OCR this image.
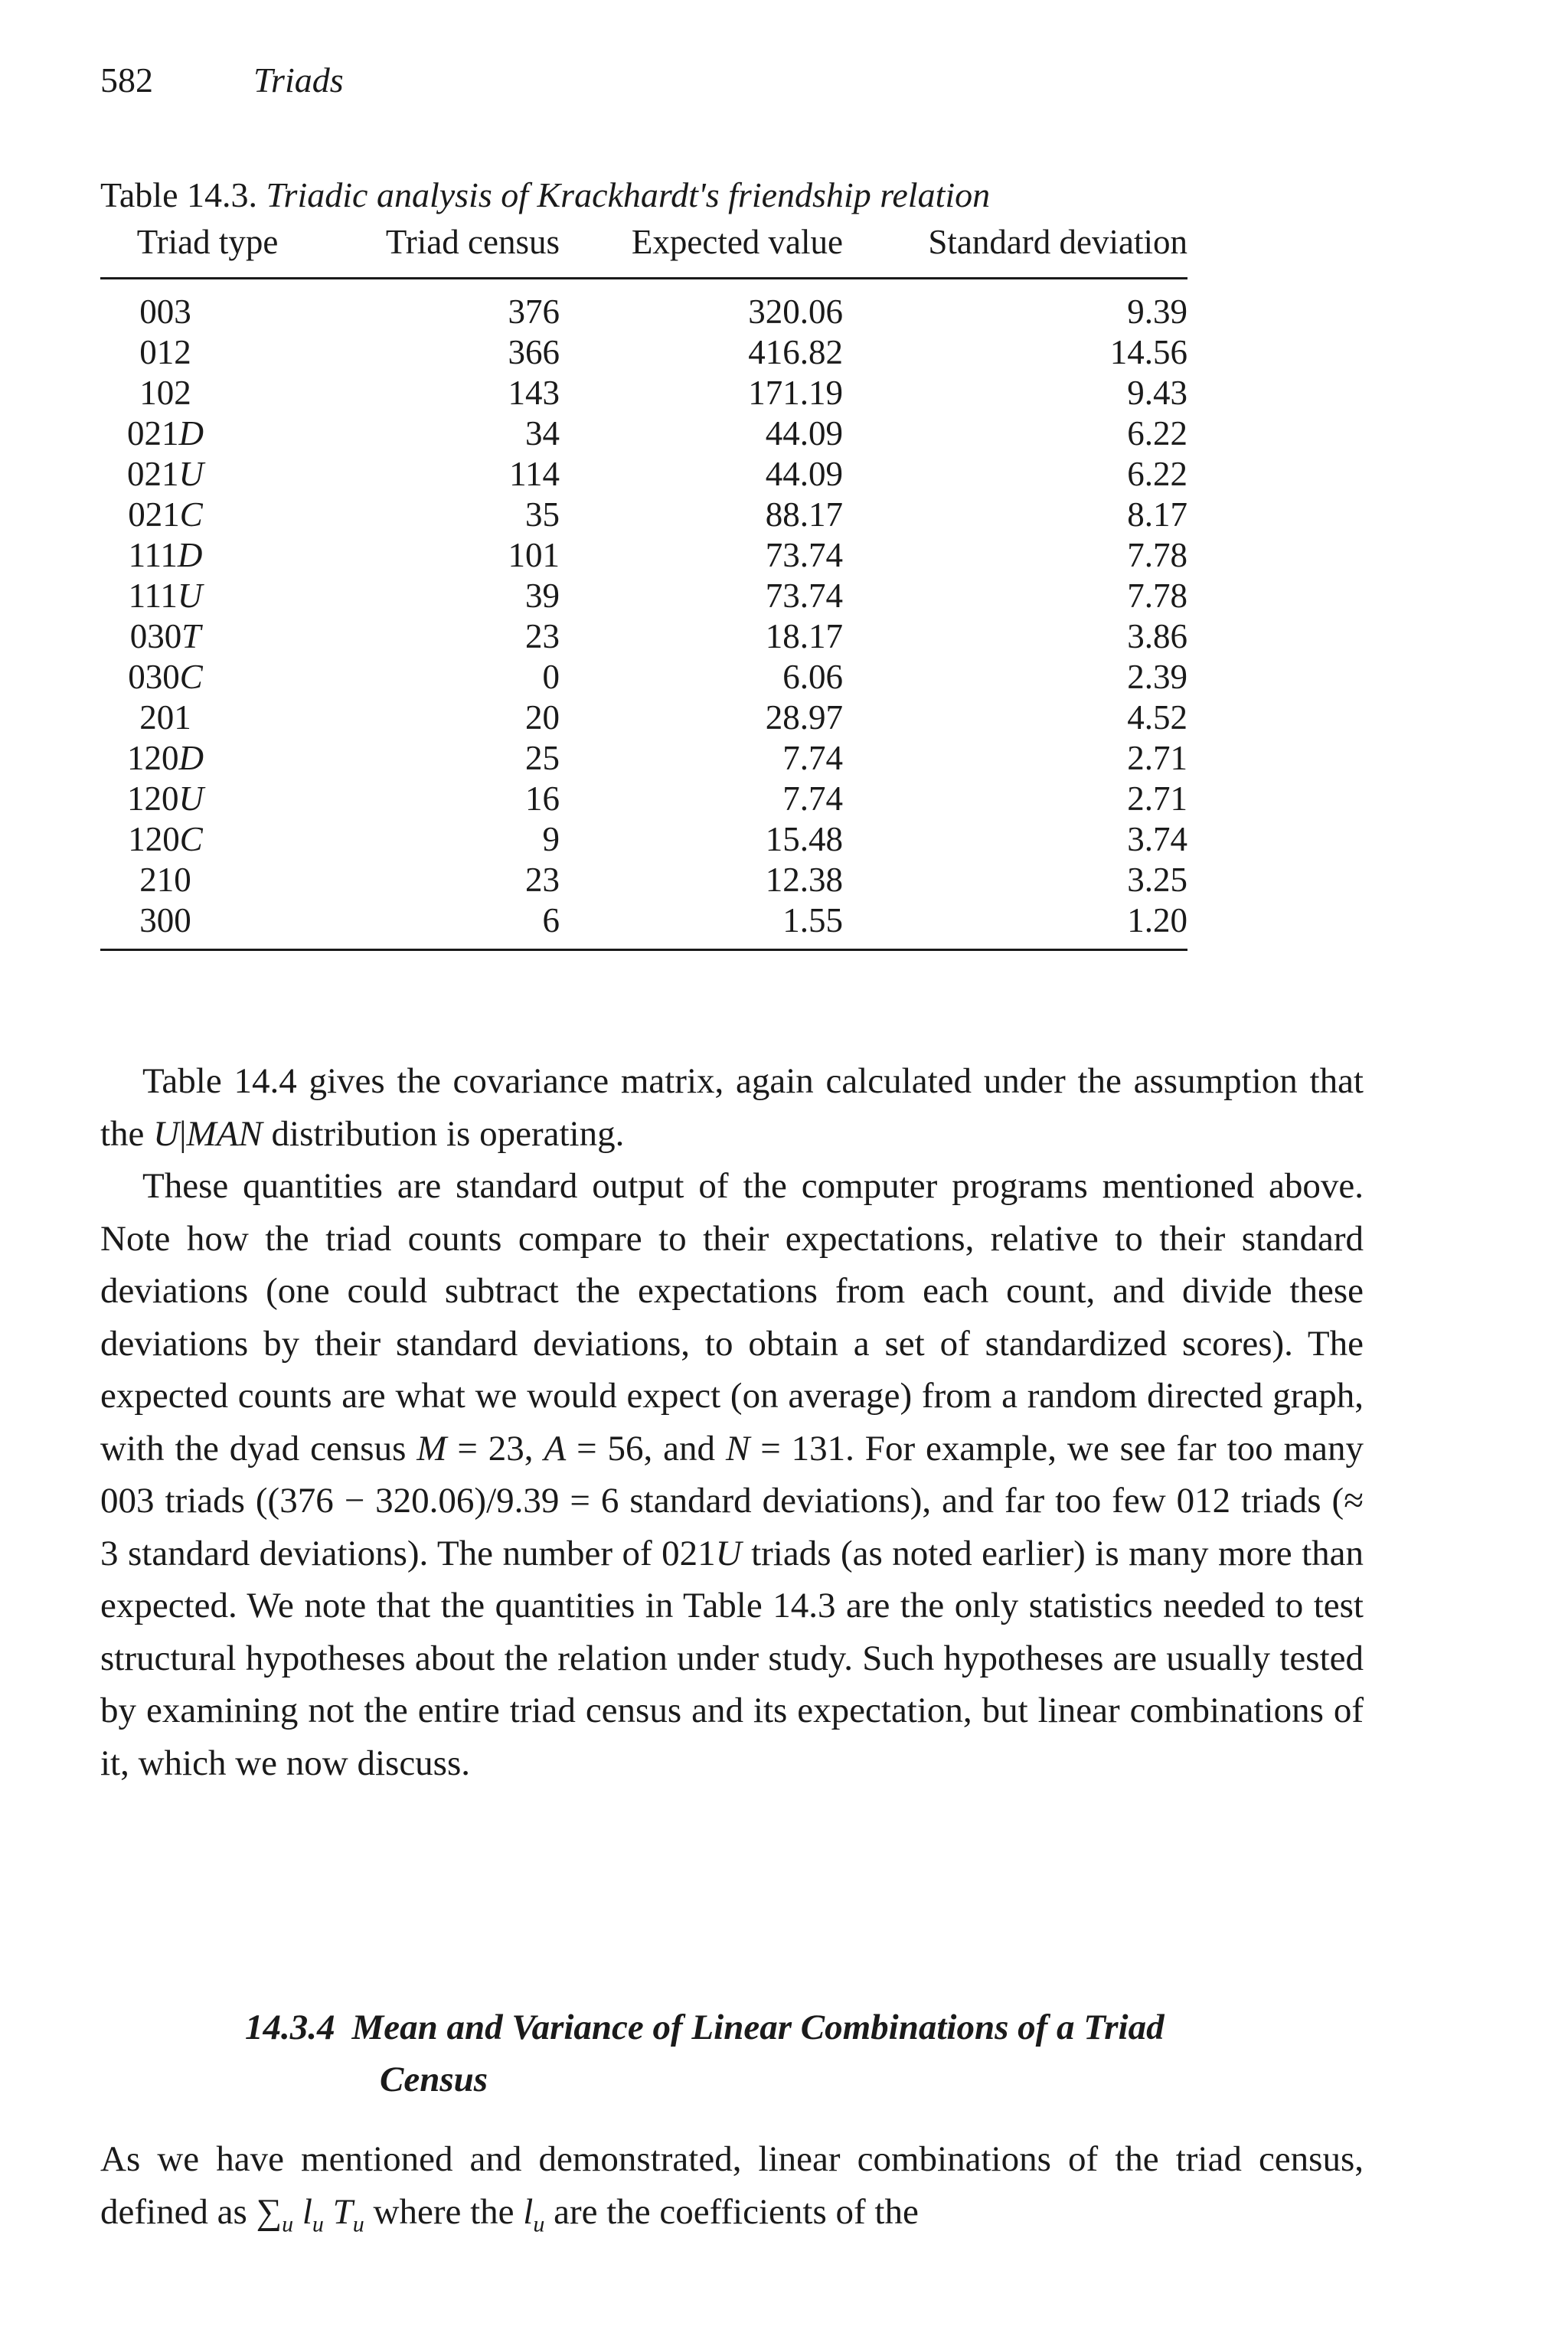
582	Triads
Table 14.3. Triadic analysis of Krackhardt's friendship relation
Triad type	Triad census	Expected value	Standard deviation
003	376	320.06	9.39
012	366	416.82	14.56
102	143	171.19	9.43
021D	34	44.09	6.22
021U	114	44.09	6.22
021C	35	88.17	8.17
111D	101	73.74	7.78
111U	39	73.74	7.78
030T	23	18.17	3.86
030C	0	6.06	2.39
201	20	28.97	4.52
120D	25	7.74	2.71
120U	16	7.74	2.71
120C	9	15.48	3.74
210	23	12.38	3.25
300	6	1.55	1.20

Table 14.4 gives the covariance matrix, again calculated under the assumption that the U|MAN distribution is operating.

These quantities are standard output of the computer programs mentioned above. Note how the triad counts compare to their expectations, relative to their standard deviations (one could subtract the expectations from each count, and divide these deviations by their standard deviations, to obtain a set of standardized scores). The expected counts are what we would expect (on average) from a random directed graph, with the dyad census M = 23, A = 56, and N = 131. For example, we see far too many 003 triads ((376 − 320.06)/9.39 = 6 standard deviations), and far too few 012 triads (≈ 3 standard deviations). The number of 021U triads (as noted earlier) is many more than expected. We note that the quantities in Table 14.3 are the only statistics needed to test structural hypotheses about the relation under study. Such hypotheses are usually tested by examining not the entire triad census and its expectation, but linear combinations of it, which we now discuss.

14.3.4 Mean and Variance of Linear Combinations of a Triad
Census

As we have mentioned and demonstrated, linear combinations of the triad census, defined as $\sum_u$ $l_u$ $T_u$ where the $l_u$ are the coefficients of the
